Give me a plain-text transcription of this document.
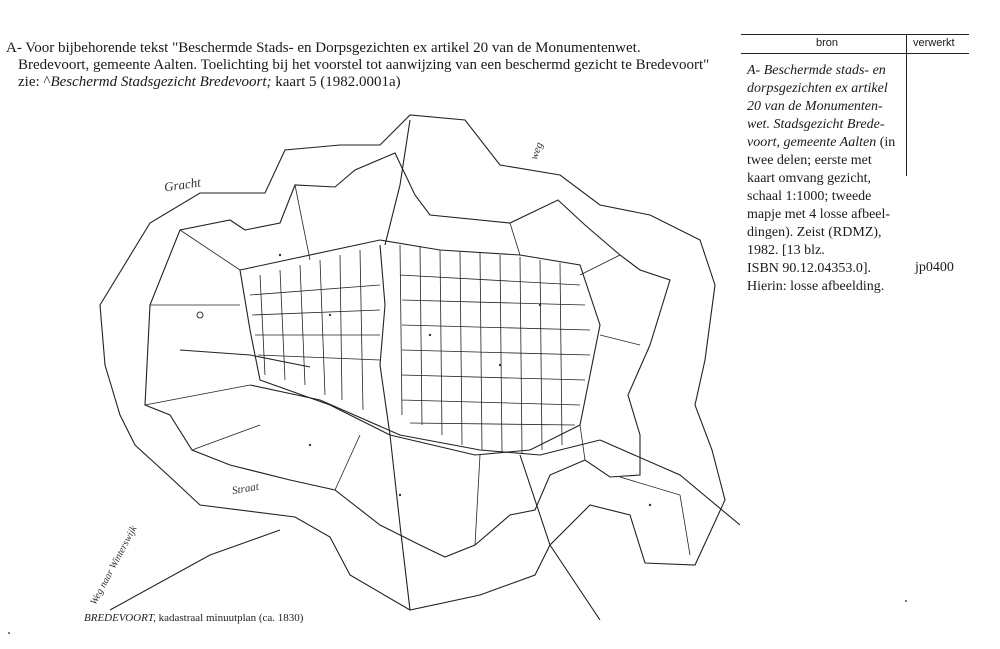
A- Voor bijbehorende tekst "Beschermde Stads- en Dorpsgezichten ex artikel 20 van de Monumentenwet.
Bredevoort, gemeente Aalten. Toelichting bij het voorstel tot aanwijzing van een beschermd gezicht te Bredevoort"
zie: ^Beschermd Stadsgezicht Bredevoort; kaart 5 (1982.0001a)
Gracht
weg
Straat
Weg naar Winterswijk
BREDEVOORT, kadastraal minuutplan (ca. 1830)
bron	verwerkt
A- Beschermde stads- en
dorpsgezichten ex artikel
20 van de Monumenten-
wet. Stadsgezicht Brede-
voort, gemeente Aalten (in
twee delen; eerste met
kaart omvang gezicht,
schaal 1:1000; tweede
mapje met 4 losse afbeel-
dingen). Zeist (RDMZ),
1982. [13 blz.
ISBN 90.12.04353.0].
Hierin: losse afbeelding.
jp0400
